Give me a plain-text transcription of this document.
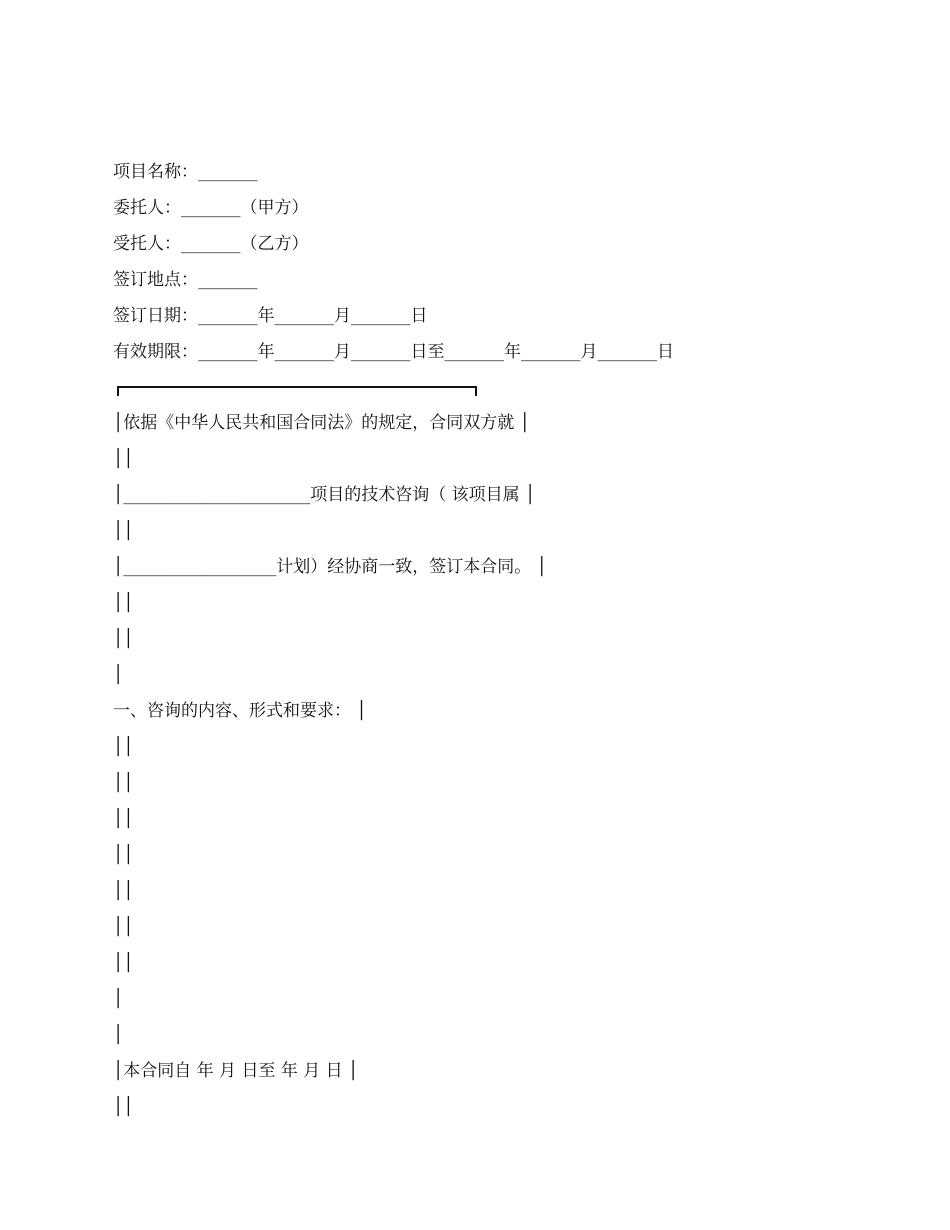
项目名称：_______
委托人：_______（甲方）
受托人：_______（乙方）
签订地点：_______
签订日期：_______年_______月_______日
有效期限：_______年_______月_______日至_______年_______月_______日
│依据《中华人民共和国合同法》的规定，合同双方就 │
││
│______________________项目的技术咨询（ 该项目属 │
││
│__________________计划）经协商一致，签订本合同。 │
││
││
│
一、咨询的内容、形式和要求： │
││
││
││
││
││
││
││
│
│
│本合同自 年 月 日至 年 月 日 │
││
